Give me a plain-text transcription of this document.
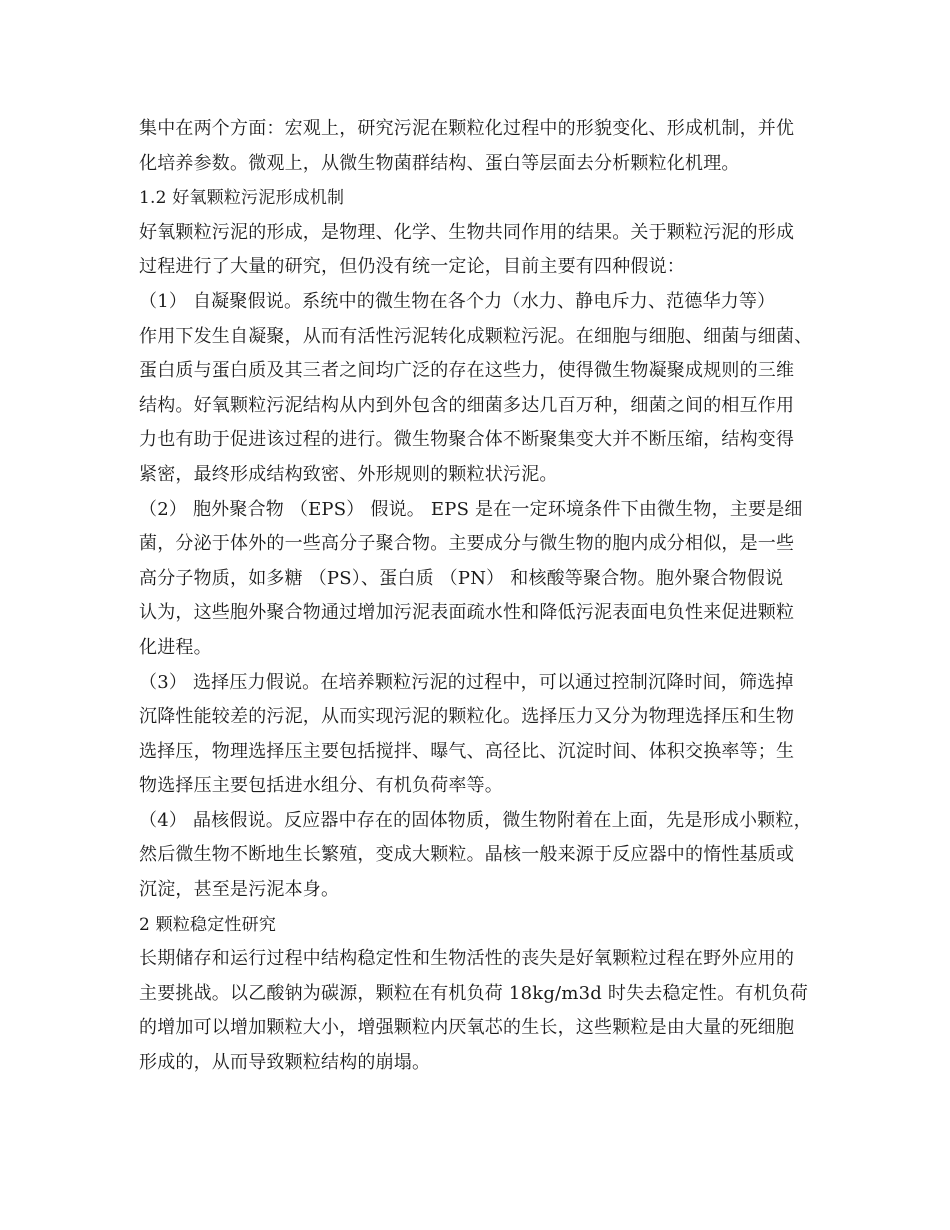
集中在两个方面：宏观上，研究污泥在颗粒化过程中的形貌变化、形成机制，并优
化培养参数。微观上，从微生物菌群结构、蛋白等层面去分析颗粒化机理。
1.2 好氧颗粒污泥形成机制
好氧颗粒污泥的形成，是物理、化学、生物共同作用的结果。关于颗粒污泥的形成
过程进行了大量的研究，但仍没有统一定论，目前主要有四种假说：
（1） 自凝聚假说。系统中的微生物在各个力（水力、静电斥力、范德华力等）
作用下发生自凝聚，从而有活性污泥转化成颗粒污泥。在细胞与细胞、细菌与细菌、
蛋白质与蛋白质及其三者之间均广泛的存在这些力，使得微生物凝聚成规则的三维
结构。好氧颗粒污泥结构从内到外包含的细菌多达几百万种，细菌之间的相互作用
力也有助于促进该过程的进行。微生物聚合体不断聚集变大并不断压缩，结构变得
紧密，最终形成结构致密、外形规则的颗粒状污泥。
（2） 胞外聚合物 （EPS） 假说。 EPS 是在一定环境条件下由微生物，主要是细
菌，分泌于体外的一些高分子聚合物。主要成分与微生物的胞内成分相似，是一些
高分子物质，如多糖 （PS）、蛋白质 （PN） 和核酸等聚合物。胞外聚合物假说
认为，这些胞外聚合物通过增加污泥表面疏水性和降低污泥表面电负性来促进颗粒
化进程。
（3） 选择压力假说。在培养颗粒污泥的过程中，可以通过控制沉降时间，筛选掉
沉降性能较差的污泥，从而实现污泥的颗粒化。选择压力又分为物理选择压和生物
选择压，物理选择压主要包括搅拌、曝气、高径比、沉淀时间、体积交换率等；生
物选择压主要包括进水组分、有机负荷率等。
（4） 晶核假说。反应器中存在的固体物质，微生物附着在上面，先是形成小颗粒，
然后微生物不断地生长繁殖，变成大颗粒。晶核一般来源于反应器中的惰性基质或
沉淀，甚至是污泥本身。
2 颗粒稳定性研究
长期储存和运行过程中结构稳定性和生物活性的丧失是好氧颗粒过程在野外应用的
主要挑战。以乙酸钠为碳源，颗粒在有机负荷 18kg/m3d 时失去稳定性。有机负荷
的增加可以增加颗粒大小，增强颗粒内厌氧芯的生长，这些颗粒是由大量的死细胞
形成的，从而导致颗粒结构的崩塌。
